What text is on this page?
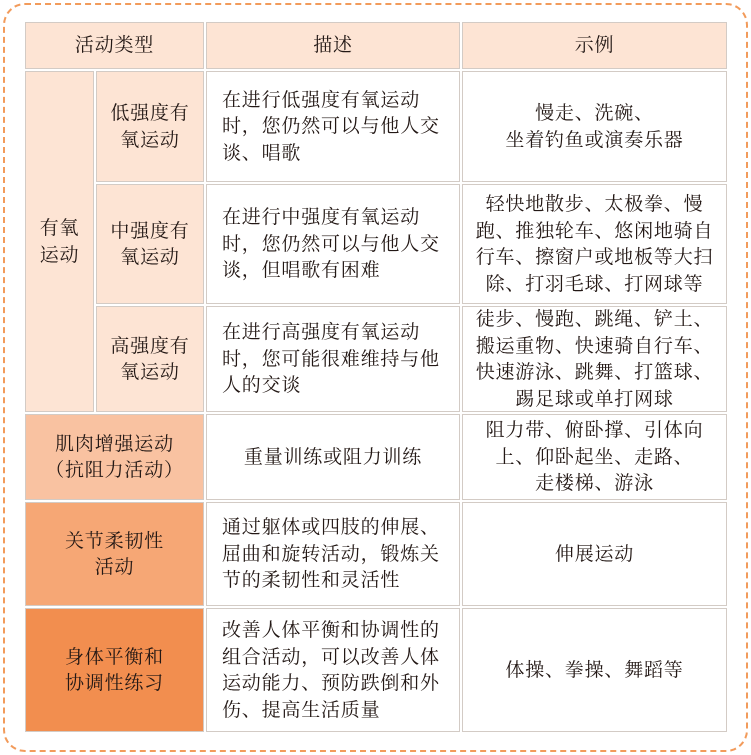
活动类型	描述	示例
有氧
运动
低强度有
氧运动
在进行低强度有氧运动
时，您仍然可以与他人交
谈、唱歌
慢走、洗碗、
坐着钓鱼或演奏乐器
中强度有
氧运动
在进行中强度有氧运动
时，您仍然可以与他人交
谈，但唱歌有困难
轻快地散步、太极拳、慢
跑、推独轮车、悠闲地骑自
行车、擦窗户或地板等大扫
除、打羽毛球、打网球等
高强度有
氧运动
在进行高强度有氧运动
时，您可能很难维持与他
人的交谈
徒步、慢跑、跳绳、铲土、
搬运重物、快速骑自行车、
快速游泳、跳舞、打篮球、
踢足球或单打网球
肌肉增强运动
（抗阻力活动）
重量训练或阻力训练
阻力带、俯卧撑、引体向
上、仰卧起坐、走路、
走楼梯、游泳
关节柔韧性
活动
通过躯体或四肢的伸展、
屈曲和旋转活动，锻炼关
节的柔韧性和灵活性
伸展运动
身体平衡和
协调性练习
改善人体平衡和协调性的
组合活动，可以改善人体
运动能力、预防跌倒和外
伤、提高生活质量
体操、拳操、舞蹈等
